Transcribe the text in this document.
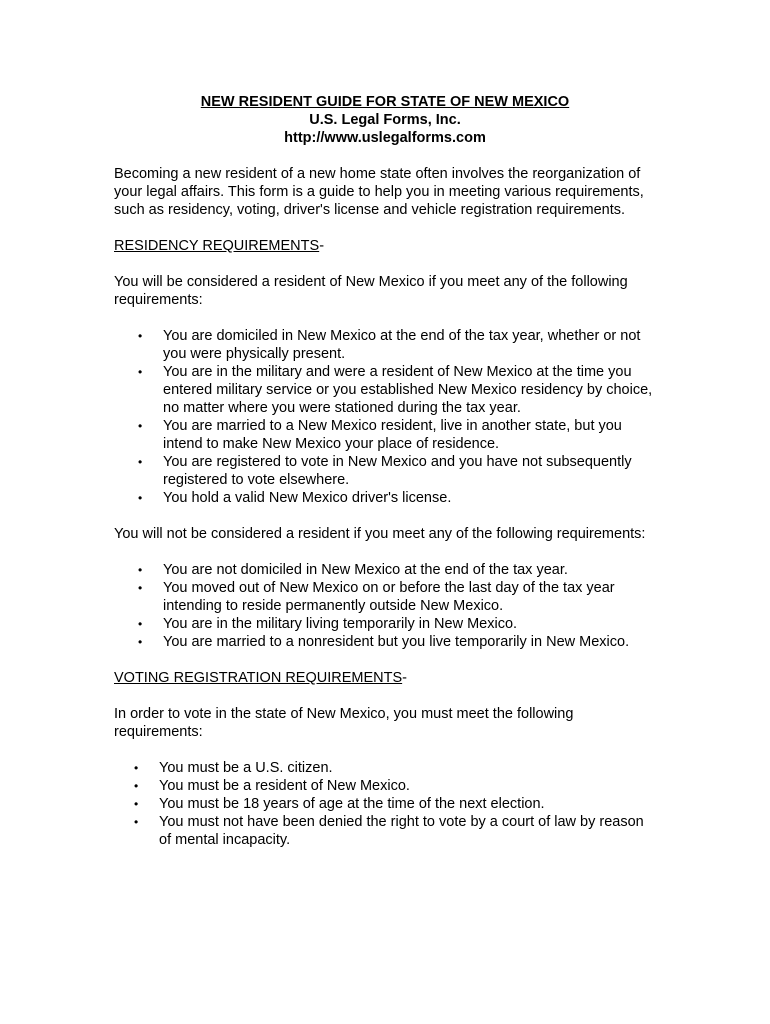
NEW RESIDENT GUIDE FOR STATE OF NEW MEXICO
U.S. Legal Forms, Inc.
http://www.uslegalforms.com

Becoming a new resident of a new home state often involves the reorganization of your legal affairs. This form is a guide to help you in meeting various requirements, such as residency, voting, driver's license and vehicle registration requirements.

RESIDENCY REQUIREMENTS-

You will be considered a resident of New Mexico if you meet any of the following requirements:

• You are domiciled in New Mexico at the end of the tax year, whether or not you were physically present.
• You are in the military and were a resident of New Mexico at the time you entered military service or you established New Mexico residency by choice, no matter where you were stationed during the tax year.
• You are married to a New Mexico resident, live in another state, but you intend to make New Mexico your place of residence.
• You are registered to vote in New Mexico and you have not subsequently registered to vote elsewhere.
• You hold a valid New Mexico driver's license.

You will not be considered a resident if you meet any of the following requirements:

• You are not domiciled in New Mexico at the end of the tax year.
• You moved out of New Mexico on or before the last day of the tax year intending to reside permanently outside New Mexico.
• You are in the military living temporarily in New Mexico.
• You are married to a nonresident but you live temporarily in New Mexico.

VOTING REGISTRATION REQUIREMENTS-

In order to vote in the state of New Mexico, you must meet the following requirements:

• You must be a U.S. citizen.
• You must be a resident of New Mexico.
• You must be 18 years of age at the time of the next election.
• You must not have been denied the right to vote by a court of law by reason of mental incapacity.
